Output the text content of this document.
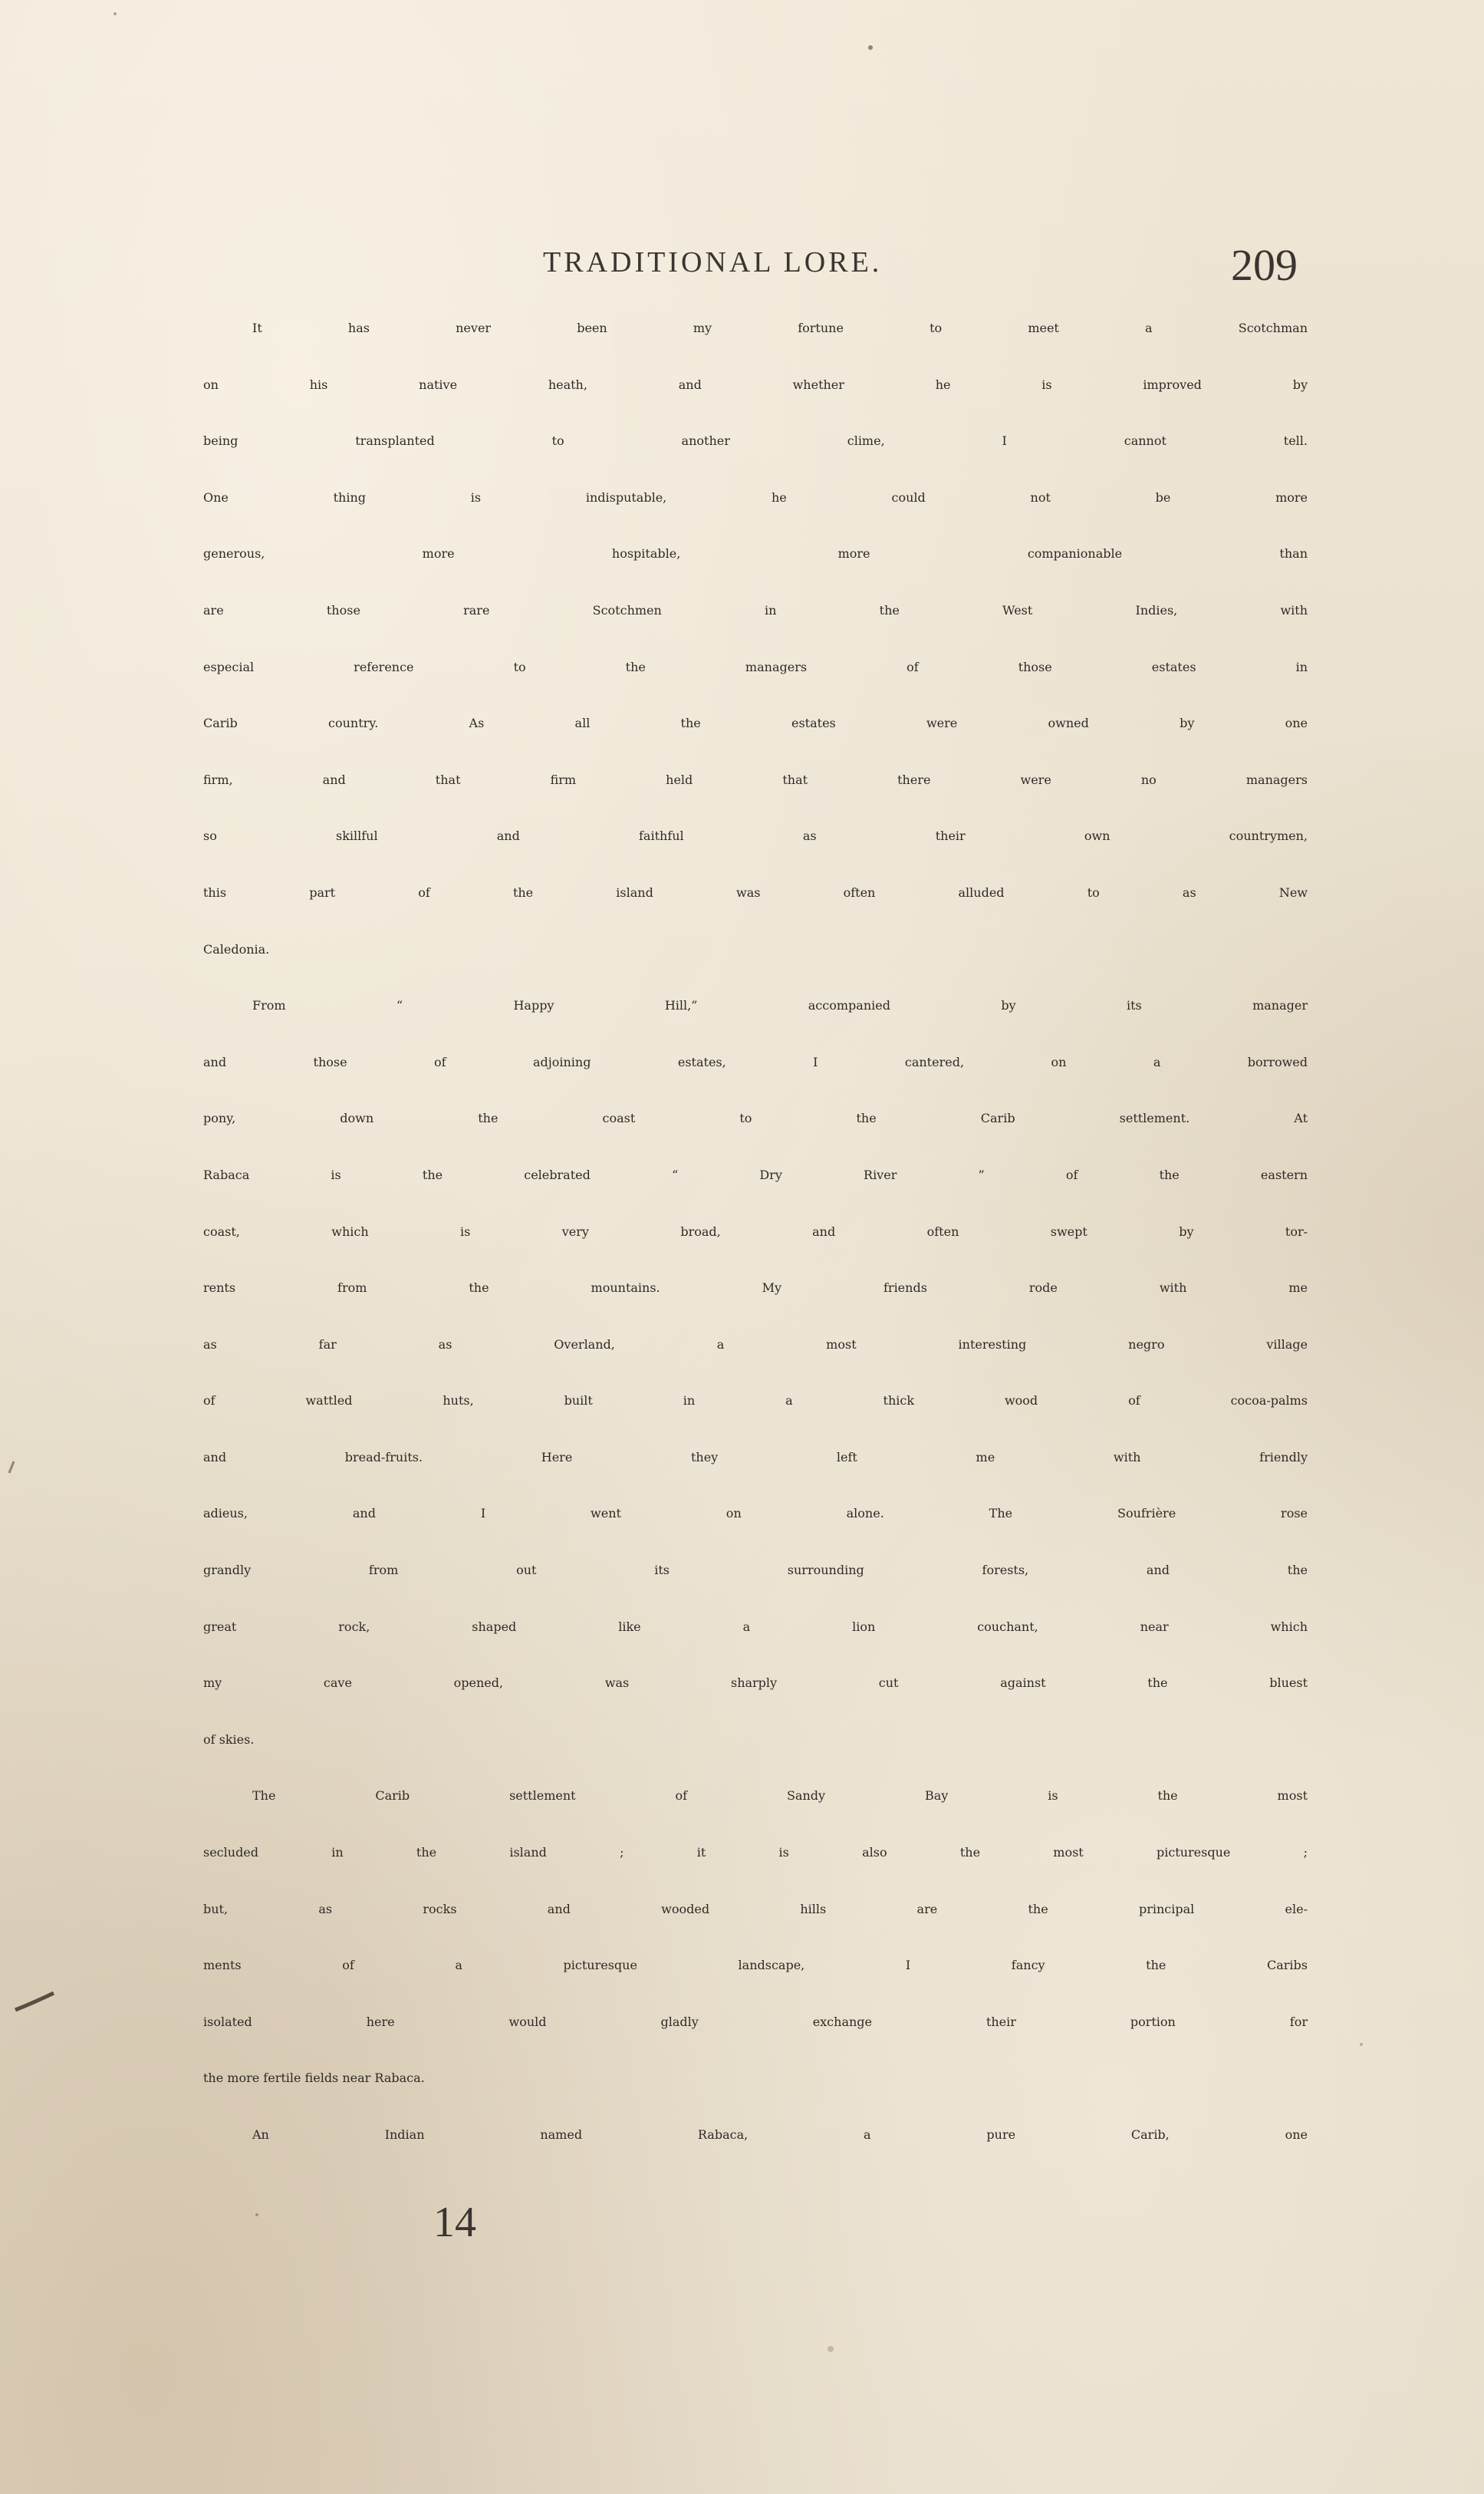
TRADITIONAL LORE.	209
It has never been my fortune to meet a Scotchman
on his native heath, and whether he is improved by
being transplanted to another clime, I cannot tell.
One thing is indisputable, he could not be more
generous, more hospitable, more companionable than
are those rare Scotchmen in the West Indies, with
especial reference to the managers of those estates in
Carib country. As all the estates were owned by one
firm, and that firm held that there were no managers
so skillful and faithful as their own countrymen,
this part of the island was often alluded to as New
Caledonia.
From “ Happy Hill,” accompanied by its manager
and those of adjoining estates, I cantered, on a borrowed
pony, down the coast to the Carib settlement. At
Rabaca is the celebrated “ Dry River ” of the eastern
coast, which is very broad, and often swept by tor-
rents from the mountains. My friends rode with me
as far as Overland, a most interesting negro village
of wattled huts, built in a thick wood of cocoa-palms
and bread-fruits. Here they left me with friendly
adieus, and I went on alone. The Soufrière rose
grandly from out its surrounding forests, and the
great rock, shaped like a lion couchant, near which
my cave opened, was sharply cut against the bluest
of skies.
The Carib settlement of Sandy Bay is the most
secluded in the island ; it is also the most picturesque ;
but, as rocks and wooded hills are the principal ele-
ments of a picturesque landscape, I fancy the Caribs
isolated here would gladly exchange their portion for
the more fertile fields near Rabaca.
An Indian named Rabaca, a pure Carib, one
14
